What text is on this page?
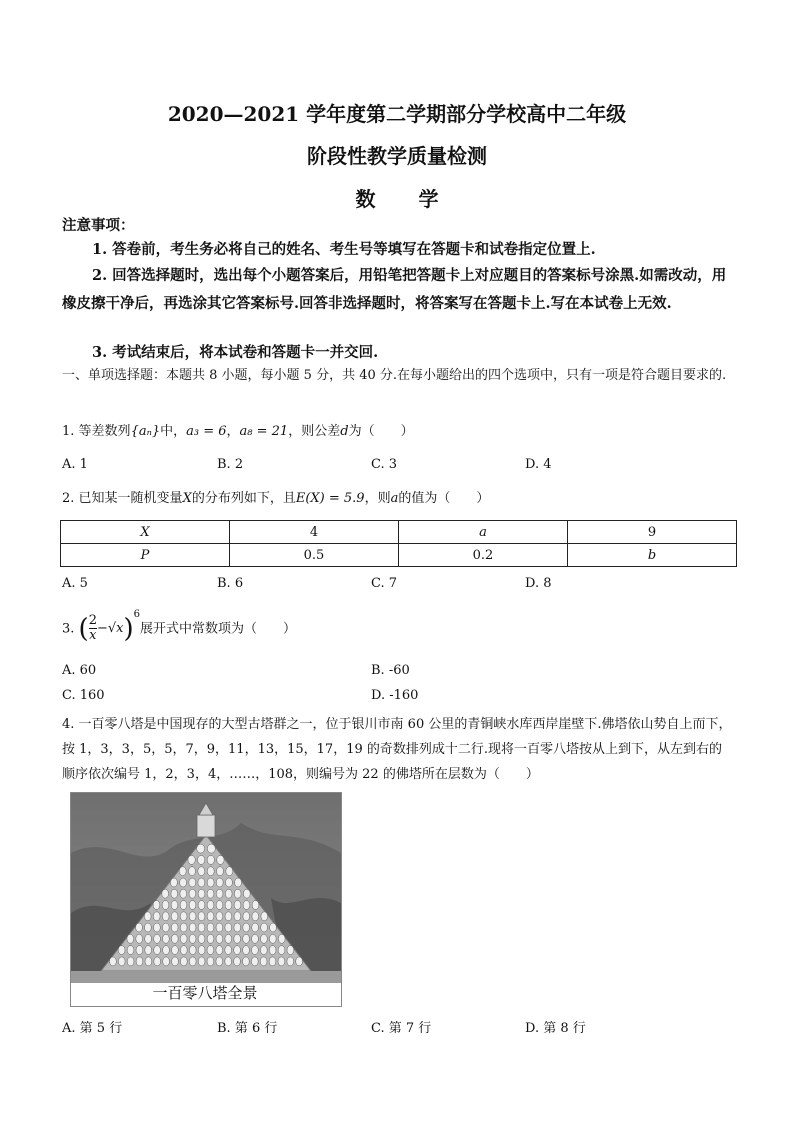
2020—2021 学年度第二学期部分学校高中二年级
阶段性教学质量检测
数 学
注意事项：
1. 答卷前，考生务必将自己的姓名、考生号等填写在答题卡和试卷指定位置上.
2. 回答选择题时，选出每个小题答案后，用铅笔把答题卡上对应题目的答案标号涂黑.如需改动，用橡皮擦干净后，再选涂其它答案标号.回答非选择题时，将答案写在答题卡上.写在本试卷上无效.
3. 考试结束后，将本试卷和答题卡一并交回.
一、单项选择题：本题共 8 小题，每小题 5 分，共 40 分.在每小题给出的四个选项中，只有一项是符合题目要求的.
1. 等差数列{aₙ}中，a₃ = 6，a₈ = 21，则公差d为（　　）
A. 1	B. 2	C. 3	D. 4
2. 已知某一随机变量X的分布列如下，且E(X) = 5.9，则a的值为（　　）
X	4	a	9
P	0.5	0.2	b
A. 5	B. 6	C. 7	D. 8
3. ( $\frac{2}{x} -√x)^6$展开式中常数项为（　　）
A. 60	B. -60
C. 160	D. -160
4. 一百零八塔是中国现存的大型古塔群之一，位于银川市南 60 公里的青铜峡水库西岸崖壁下.佛塔依山势自上而下，按 1，3，3，5，5，7，9，11，13，15，17，19 的奇数排列成十二行.现将一百零八塔按从上到下，从左到右的顺序依次编号 1，2，3，4，……，108，则编号为 22 的佛塔所在层数为（　　）
一百零八塔全景
A. 第 5 行	B. 第 6 行	C. 第 7 行	D. 第 8 行
